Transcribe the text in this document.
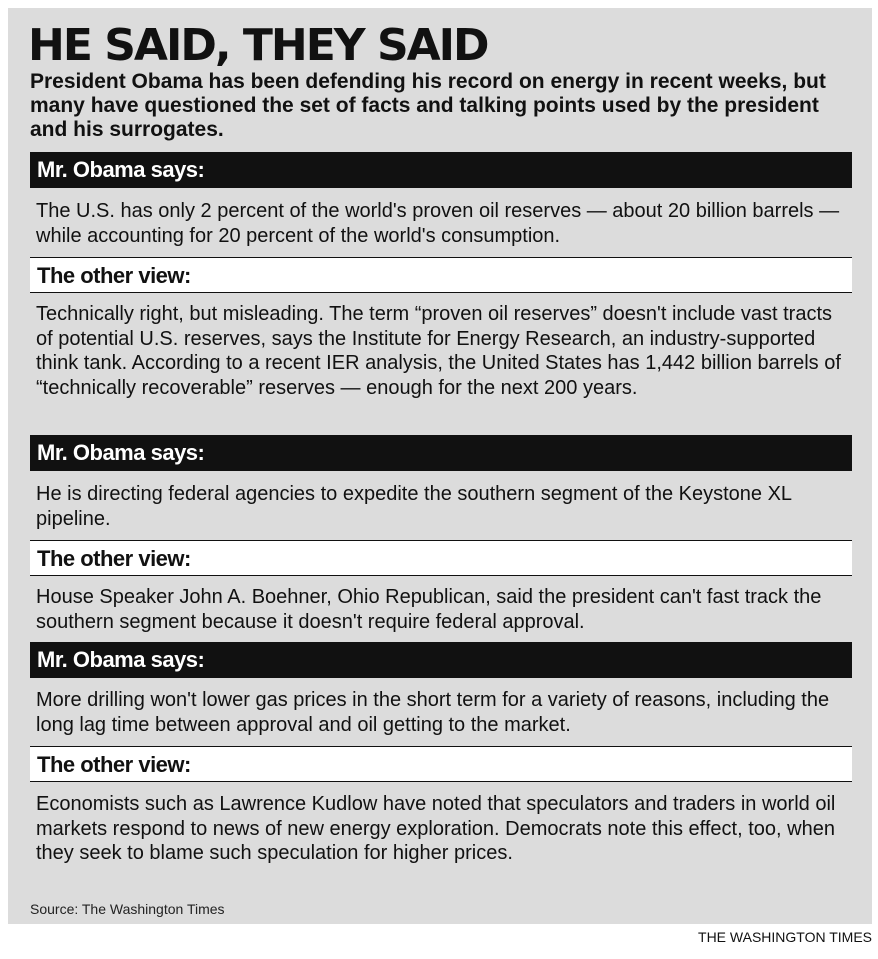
HE SAID, THEY SAID
President Obama has been defending his record on energy in recent weeks, but many have questioned the set of facts and talking points used by the president and his surrogates.
Mr. Obama says:
The U.S. has only 2 percent of the world's proven oil reserves — about 20 billion barrels — while accounting for 20 percent of the world's consumption.
The other view:
Technically right, but misleading. The term “proven oil reserves” doesn't include vast tracts of potential U.S. reserves, says the Institute for Energy Research, an industry-supported think tank. According to a recent IER analysis, the United States has 1,442 billion barrels of “technically recoverable” reserves — enough for the next 200 years.
Mr. Obama says:
He is directing federal agencies to expedite the southern segment of the Keystone XL pipeline.
The other view:
House Speaker John A. Boehner, Ohio Republican, said the president can't fast track the southern segment because it doesn't require federal approval.
Mr. Obama says:
More drilling won't lower gas prices in the short term for a variety of reasons, including the long lag time between approval and oil getting to the market.
The other view:
Economists such as Lawrence Kudlow have noted that speculators and traders in world oil markets respond to news of new energy exploration. Democrats note this effect, too, when they seek to blame such speculation for higher prices.
Source: The Washington Times
THE WASHINGTON TIMES
